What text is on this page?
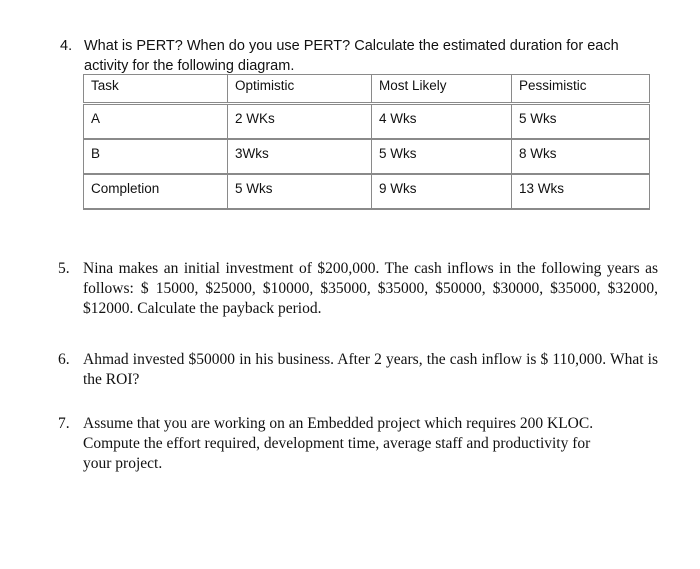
4. What is PERT? When do you use PERT? Calculate the estimated duration for each activity for the following diagram.
Task	Optimistic	Most Likely	Pessimistic
A	2 WKs	4 Wks	5 Wks
B	3Wks	5 Wks	8 Wks
Completion	5 Wks	9 Wks	13 Wks
5. Nina makes an initial investment of $200,000. The cash inflows in the following years as follows: $ 15000, $25000, $10000, $35000, $35000, $50000, $30000, $35000, $32000, $12000. Calculate the payback period.
6. Ahmad invested $50000 in his business. After 2 years, the cash inflow is $ 110,000. What is the ROI?
7. Assume that you are working on an Embedded project which requires 200 KLOC. Compute the effort required, development time, average staff and productivity for your project.
